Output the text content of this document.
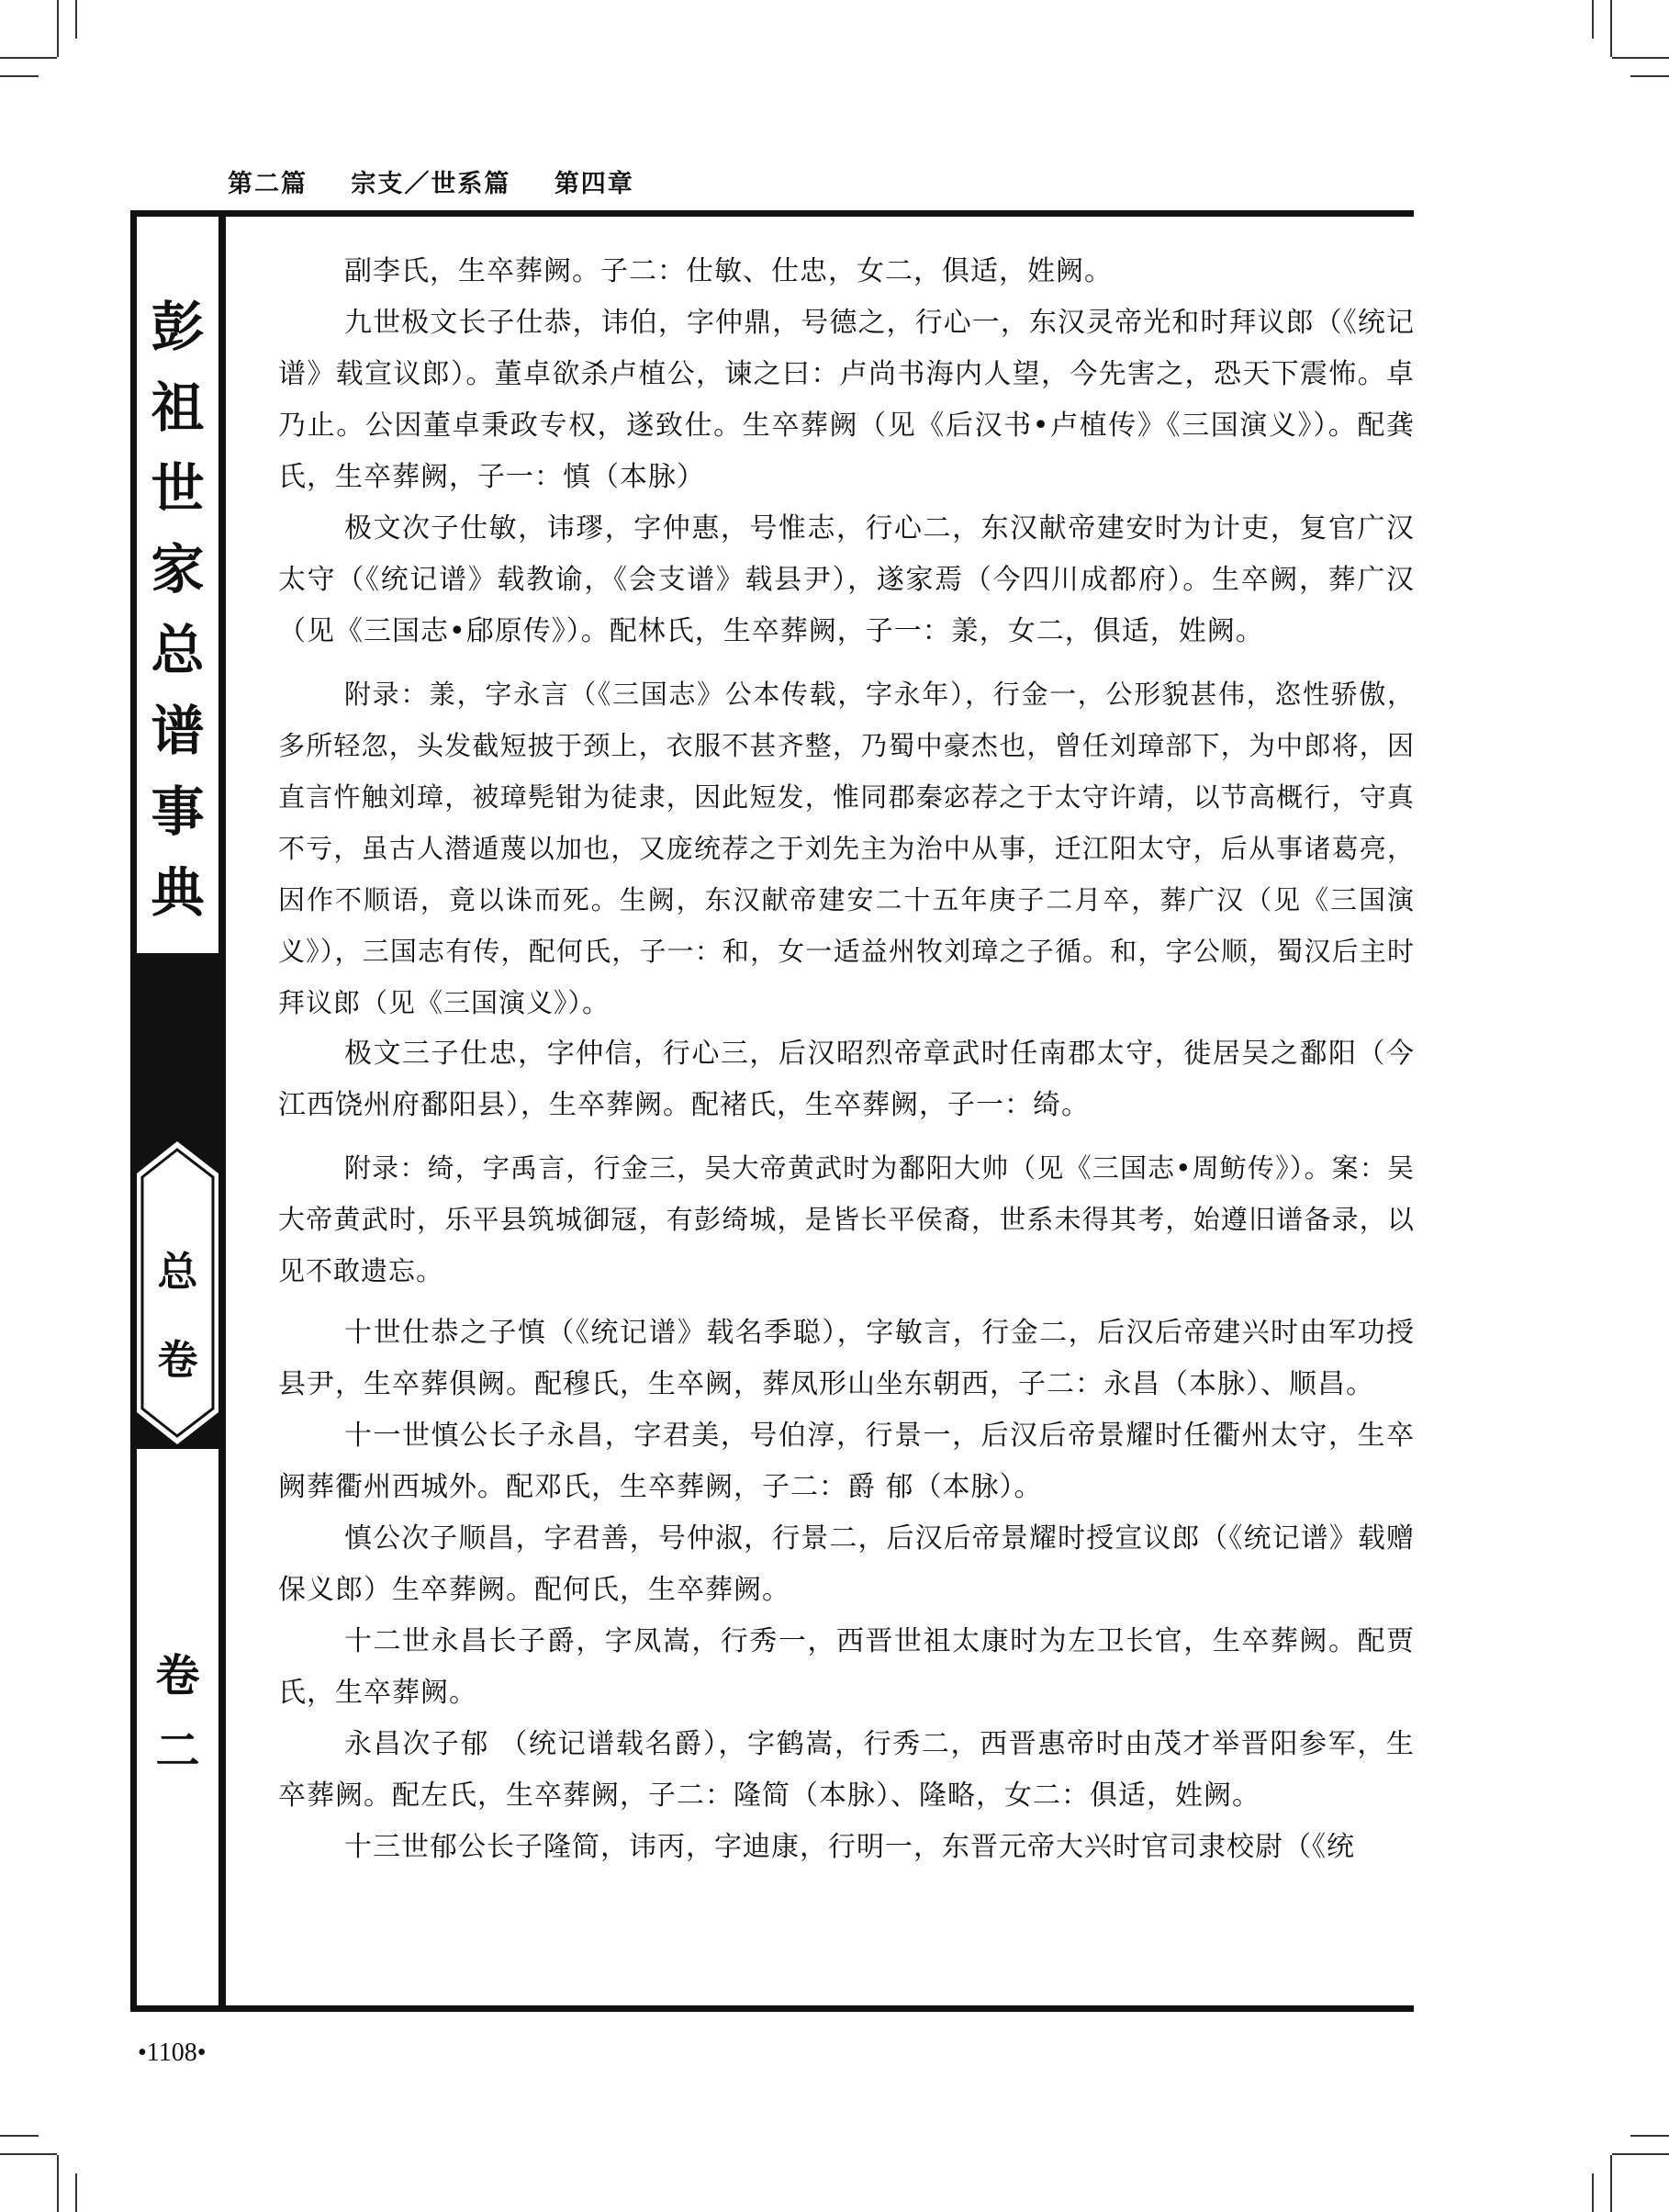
第二篇 宗支／世系篇 第四章
彭
祖
世
家
总
谱
事
典
总
卷
卷
二

副李氏，生卒葬阙。子二：仕敏、仕忠，女二，俱适，姓阙。

九世极文长子仕恭，讳伯，字仲鼎，号德之，行心一，东汉灵帝光和时拜议郎（《统记谱》载宣议郎）。董卓欲杀卢植公，谏之曰：卢尚书海内人望，今先害之，恐天下震怖。卓乃止。公因董卓秉政专权，遂致仕。生卒葬阙（见《后汉书•卢植传》《三国演义》）。配龚氏，生卒葬阙，子一：慎（本脉）

极文次子仕敏，讳璆，字仲惠，号惟志，行心二，东汉献帝建安时为计吏，复官广汉太守（《统记谱》载教谕，《会支谱》载县尹），遂家焉（今四川成都府）。生卒阙，葬广汉（见《三国志•郈原传》）。配林氏，生卒葬阙，子一：羕，女二，俱适，姓阙。

附录：羕，字永言（《三国志》公本传载，字永年），行金一，公形貌甚伟，恣性骄傲，多所轻忽，头发截短披于颈上，衣服不甚齐整，乃蜀中豪杰也，曾任刘璋部下，为中郎将，因直言忤触刘璋，被璋髡钳为徒隶，因此短发，惟同郡秦宓荐之于太守许靖，以节高概行，守真不亏，虽古人潜遁蔑以加也，又庞统荐之于刘先主为治中从事，迁江阳太守，后从事诸葛亮，因作不顺语，竟以诛而死。生阙，东汉献帝建安二十五年庚子二月卒，葬广汉（见《三国演义》），三国志有传，配何氏，子一：和，女一适益州牧刘璋之子循。和，字公顺，蜀汉后主时拜议郎（见《三国演义》）。

极文三子仕忠，字仲信，行心三，后汉昭烈帝章武时任南郡太守，徙居吴之鄱阳（今江西饶州府鄱阳县），生卒葬阙。配褚氏，生卒葬阙，子一：绮。

附录：绮，字禹言，行金三，吴大帝黄武时为鄱阳大帅（见《三国志•周鲂传》）。案：吴大帝黄武时，乐平县筑城御冦，有彭绮城，是皆长平侯裔，世系未得其考，始遵旧谱备录，以见不敢遗忘。

十世仕恭之子慎（《统记谱》载名季聪），字敏言，行金二，后汉后帝建兴时由军功授县尹，生卒葬俱阙。配穆氏，生卒阙，葬凤形山坐东朝西，子二：永昌（本脉）、顺昌。

十一世慎公长子永昌，字君美，号伯淳，行景一，后汉后帝景耀时任衢州太守，生卒阙葬衢州西城外。配邓氏，生卒葬阙，子二：爵 郁（本脉）。

慎公次子顺昌，字君善，号仲淑，行景二，后汉后帝景耀时授宣议郎（《统记谱》载赠保义郎）生卒葬阙。配何氏，生卒葬阙。

十二世永昌长子爵，字凤嵩，行秀一，西晋世祖太康时为左卫长官，生卒葬阙。配贾氏，生卒葬阙。

永昌次子郁 （统记谱载名爵），字鹤嵩，行秀二，西晋惠帝时由茂才举晋阳参军，生卒葬阙。配左氏，生卒葬阙，子二：隆简（本脉）、隆略，女二：俱适，姓阙。

十三世郁公长子隆简，讳丙，字迪康，行明一，东晋元帝大兴时官司隶校尉（《统

•1108•
